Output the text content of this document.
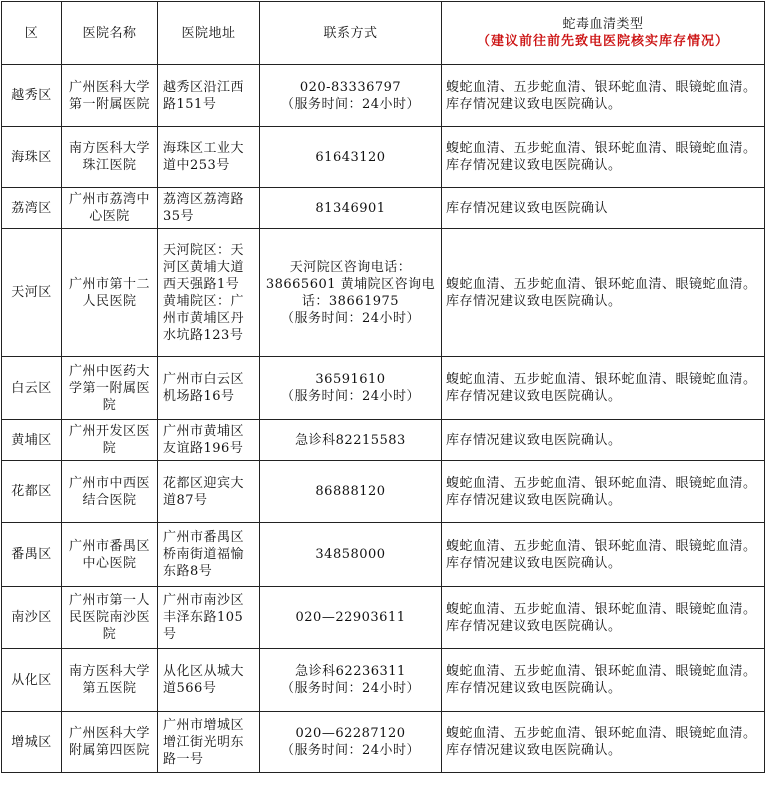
区	医院名称	医院地址	联系方式	蛇毒血清类型
（建议前往前先致电医院核实库存情况）

越秀区	广州医科大学第一附属医院	越秀区沿江西路151号	020-83336797
（服务时间：24小时）	蝮蛇血清、五步蛇血清、银环蛇血清、眼镜蛇血清。库存情况建议致电医院确认。
海珠区	南方医科大学珠江医院	海珠区工业大道中253号	61643120	蝮蛇血清、五步蛇血清、银环蛇血清、眼镜蛇血清。库存情况建议致电医院确认。
荔湾区	广州市荔湾中心医院	荔湾区荔湾路35号	81346901	库存情况建议致电医院确认
天河区	广州市第十二人民医院	天河院区：天河区黄埔大道西天强路1号 黄埔院区：广州市黄埔区丹水坑路123号	天河院区咨询电话：38665601 黄埔院区咨询电话：38661975
（服务时间：24小时）	蝮蛇血清、五步蛇血清、银环蛇血清、眼镜蛇血清。库存情况建议致电医院确认。
白云区	广州中医药大学第一附属医院	广州市白云区机场路16号	36591610
（服务时间：24小时）	蝮蛇血清、五步蛇血清、银环蛇血清、眼镜蛇血清。库存情况建议致电医院确认。
黄埔区	广州开发区医院	广州市黄埔区友谊路196号	急诊科82215583	库存情况建议致电医院确认。
花都区	广州市中西医结合医院	花都区迎宾大道87号	86888120	蝮蛇血清、五步蛇血清、银环蛇血清、眼镜蛇血清。库存情况建议致电医院确认。
番禺区	广州市番禺区中心医院	广州市番禺区桥南街道福愉东路8号	34858000	蝮蛇血清、五步蛇血清、银环蛇血清、眼镜蛇血清。库存情况建议致电医院确认。
南沙区	广州市第一人民医院南沙医院	广州市南沙区丰泽东路105号	020—22903611	蝮蛇血清、五步蛇血清、银环蛇血清、眼镜蛇血清。库存情况建议致电医院确认。
从化区	南方医科大学第五医院	从化区从城大道566号	急诊科62236311
（服务时间：24小时）	蝮蛇血清、五步蛇血清、银环蛇血清、眼镜蛇血清。库存情况建议致电医院确认。
增城区	广州医科大学附属第四医院	广州市增城区增江街光明东路一号	020—62287120
（服务时间：24小时）	蝮蛇血清、五步蛇血清、银环蛇血清、眼镜蛇血清。库存情况建议致电医院确认。
